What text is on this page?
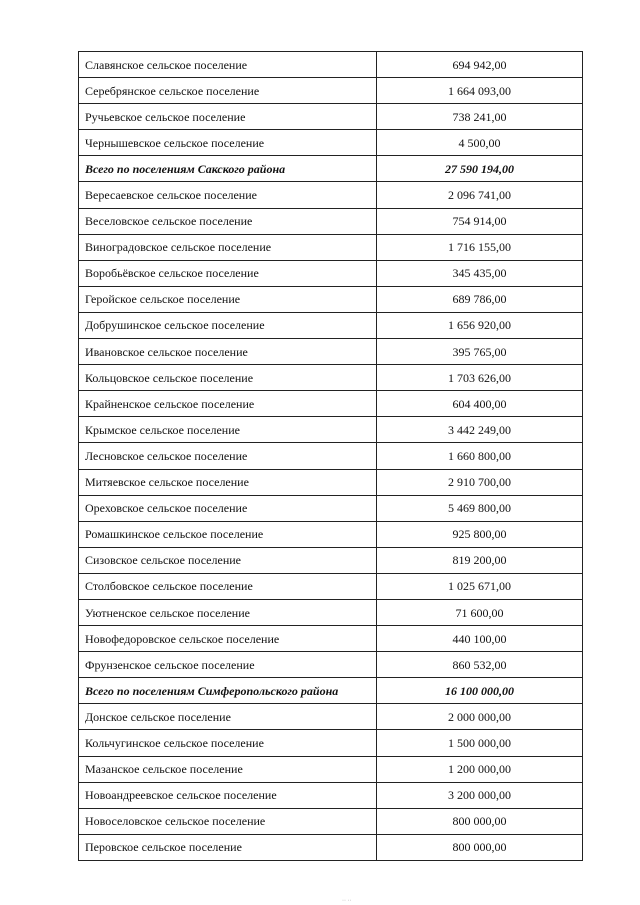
Славянское сельское поселение	694 942,00
Серебрянское сельское поселение	1 664 093,00
Ручьевское сельское поселение	738 241,00
Чернышевское сельское поселение	4 500,00
Всего по поселениям Сакского района	27 590 194,00
Вересаевское сельское поселение	2 096 741,00
Веселовское сельское поселение	754 914,00
Виноградовское сельское поселение	1 716 155,00
Воробьёвское сельское поселение	345 435,00
Геройское сельское поселение	689 786,00
Добрушинское сельское поселение	1 656 920,00
Ивановское сельское поселение	395 765,00
Кольцовское сельское поселение	1 703 626,00
Крайненское сельское поселение	604 400,00
Крымское сельское поселение	3 442 249,00
Лесновское сельское поселение	1 660 800,00
Митяевское сельское поселение	2 910 700,00
Ореховское сельское поселение	5 469 800,00
Ромашкинское сельское поселение	925 800,00
Сизовское сельское поселение	819 200,00
Столбовское сельское поселение	1 025 671,00
Уютненское сельское поселение	71 600,00
Новофедоровское сельское поселение	440 100,00
Фрунзенское сельское поселение	860 532,00
Всего по поселениям Симферопольского района	16 100 000,00
Донское сельское поселение	2 000 000,00
Кольчугинское сельское поселение	1 500 000,00
Мазанское сельское поселение	1 200 000,00
Новоандреевское сельское поселение	3 200 000,00
Новоселовское сельское поселение	800 000,00
Перовское сельское поселение	800 000,00
·· ··
